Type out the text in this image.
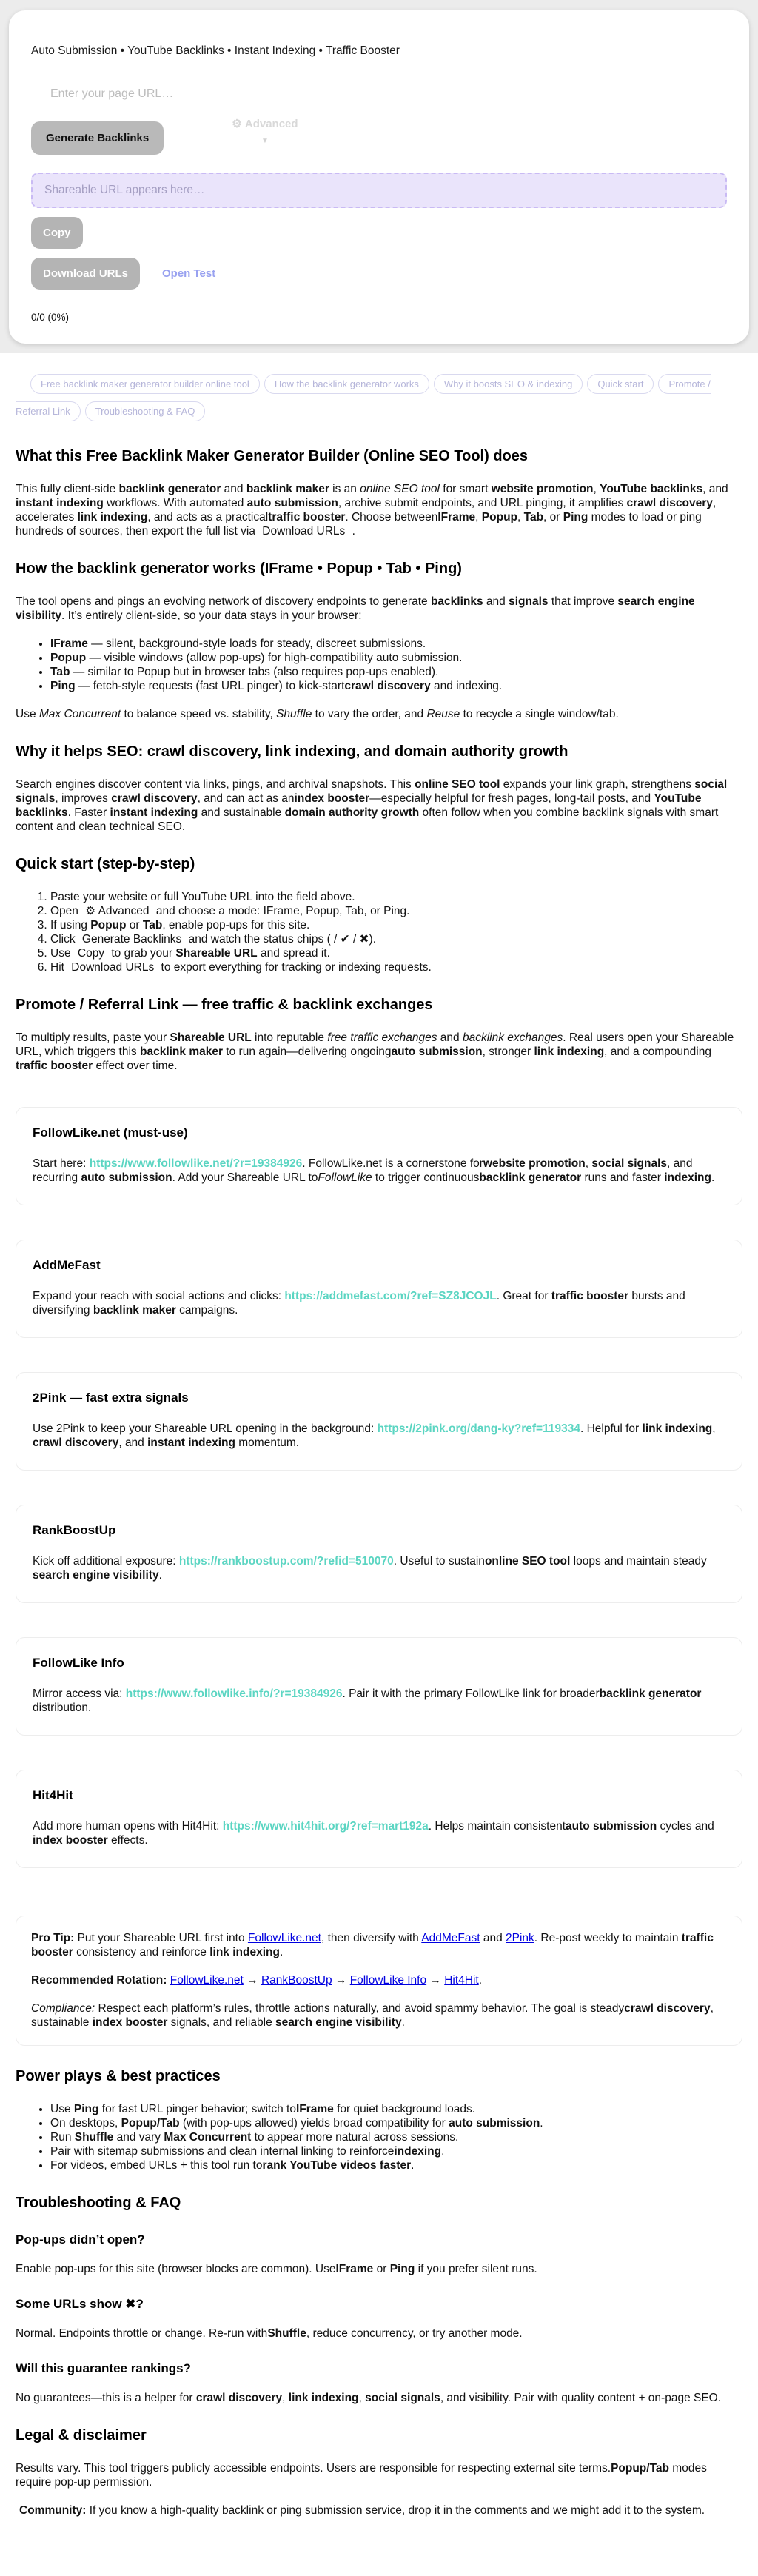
Auto Submission • YouTube Backlinks • Instant Indexing • Traffic Booster
Enter your page URL…
Generate Backlinks
⚙ Advanced
▼
Shareable URL appears here…
Copy
Download URLs	Open Test
0/0 (0%)
Free backlink maker generator builder online tool	How the backlink generator works	Why it boosts SEO & indexing	Quick start	Promote / Referral Link	Troubleshooting & FAQ
What this Free Backlink Maker Generator Builder (Online SEO Tool) does

This fully client-side backlink generator and backlink maker is an online SEO tool for smart website promotion, YouTube backlinks, and instant indexing workflows. With automated auto submission, archive submit endpoints, and URL pinging, it amplifies crawl discovery, accelerates link indexing, and acts as a practicaltraffic booster. Choose betweenIFrame, Popup, Tab, or Ping modes to load or ping hundreds of sources, then export the full list via Download URLs .

How the backlink generator works (IFrame • Popup • Tab • Ping)

The tool opens and pings an evolving network of discovery endpoints to generate backlinks and signals that improve search engine visibility. It’s entirely client-side, so your data stays in your browser:

• IFrame — silent, background-style loads for steady, discreet submissions.
• Popup — visible windows (allow pop-ups) for high-compatibility auto submission.
• Tab — similar to Popup but in browser tabs (also requires pop-ups enabled).
• Ping — fetch-style requests (fast URL pinger) to kick-startcrawl discovery and indexing.

Use Max Concurrent to balance speed vs. stability, Shuffle to vary the order, and Reuse to recycle a single window/tab.

Why it helps SEO: crawl discovery, link indexing, and domain authority growth

Search engines discover content via links, pings, and archival snapshots. This online SEO tool expands your link graph, strengthens social signals, improves crawl discovery, and can act as anindex booster—especially helpful for fresh pages, long-tail posts, and YouTube backlinks. Faster instant indexing and sustainable domain authority growth often follow when you combine backlink signals with smart content and clean technical SEO.

Quick start (step-by-step)
1. Paste your website or full YouTube URL into the field above.
2. Open ⚙ Advanced and choose a mode: IFrame, Popup, Tab, or Ping.
3. If using Popup or Tab, enable pop-ups for this site.
4. Click Generate Backlinks and watch the status chips ( / ✔ / ✖).
5. Use Copy to grab your Shareable URL and spread it.
6. Hit Download URLs to export everything for tracking or indexing requests.
Promote / Referral Link — free traffic & backlink exchanges

To multiply results, paste your Shareable URL into reputable free traffic exchanges and backlink exchanges. Real users open your Shareable URL, which triggers this backlink maker to run again—delivering ongoingauto submission, stronger link indexing, and a compounding traffic booster effect over time.

FollowLike.net (must-use)

Start here: https://www.followlike.net/?r=19384926. FollowLike.net is a cornerstone forwebsite promotion, social signals, and recurring auto submission. Add your Shareable URL toFollowLike to trigger continuousbacklink generator runs and faster indexing.

AddMeFast

Expand your reach with social actions and clicks: https://addmefast.com/?ref=SZ8JCOJL. Great for traffic booster bursts and diversifying backlink maker campaigns.

2Pink — fast extra signals

Use 2Pink to keep your Shareable URL opening in the background: https://2pink.org/dang-ky?ref=119334. Helpful for link indexing, crawl discovery, and instant indexing momentum.

RankBoostUp

Kick off additional exposure: https://rankboostup.com/?refid=510070. Useful to sustainonline SEO tool loops and maintain steady search engine visibility.

FollowLike Info

Mirror access via: https://www.followlike.info/?r=19384926. Pair it with the primary FollowLike link for broaderbacklink generator distribution.

Hit4Hit

Add more human opens with Hit4Hit: https://www.hit4hit.org/?ref=mart192a. Helps maintain consistentauto submission cycles and index booster effects.

Pro Tip: Put your Shareable URL first into FollowLike.net, then diversify with AddMeFast and 2Pink. Re-post weekly to maintain traffic booster consistency and reinforce link indexing.

Recommended Rotation: FollowLike.net → RankBoostUp → FollowLike Info → Hit4Hit.

Compliance: Respect each platform’s rules, throttle actions naturally, and avoid spammy behavior. The goal is steadycrawl discovery, sustainable index booster signals, and reliable search engine visibility.

Power plays & best practices
• Use Ping for fast URL pinger behavior; switch toIFrame for quiet background loads.
• On desktops, Popup/Tab (with pop-ups allowed) yields broad compatibility for auto submission.
• Run Shuffle and vary Max Concurrent to appear more natural across sessions.
• Pair with sitemap submissions and clean internal linking to reinforceindexing.
• For videos, embed URLs + this tool run torank YouTube videos faster.
Troubleshooting & FAQ
Pop-ups didn’t open?

Enable pop-ups for this site (browser blocks are common). UseIFrame or Ping if you prefer silent runs.

Some URLs show ✖?

Normal. Endpoints throttle or change. Re-run withShuffle, reduce concurrency, or try another mode.

Will this guarantee rankings?

No guarantees—this is a helper for crawl discovery, link indexing, social signals, and visibility. Pair with quality content + on-page SEO.

Legal & disclaimer

Results vary. This tool triggers publicly accessible endpoints. Users are responsible for respecting external site terms.Popup/Tab modes require pop-up permission.

Community: If you know a high-quality backlink or ping submission service, drop it in the comments and we might add it to the system.
